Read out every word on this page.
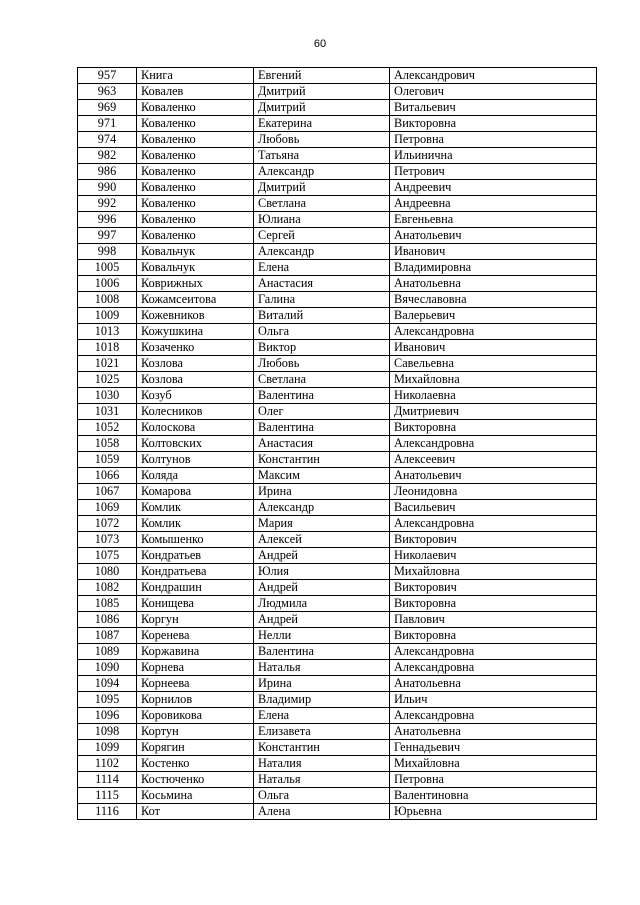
60
957	Книга	Евгений	Александрович
963	Ковалев	Дмитрий	Олегович
969	Коваленко	Дмитрий	Витальевич
971	Коваленко	Екатерина	Викторовна
974	Коваленко	Любовь	Петровна
982	Коваленко	Татьяна	Ильинична
986	Коваленко	Александр	Петрович
990	Коваленко	Дмитрий	Андреевич
992	Коваленко	Светлана	Андреевна
996	Коваленко	Юлиана	Евгеньевна
997	Коваленко	Сергей	Анатольевич
998	Ковальчук	Александр	Иванович
1005	Ковальчук	Елена	Владимировна
1006	Коврижных	Анастасия	Анатольевна
1008	Кожамсеитова	Галина	Вячеславовна
1009	Кожевников	Виталий	Валерьевич
1013	Кожушкина	Ольга	Александровна
1018	Козаченко	Виктор	Иванович
1021	Козлова	Любовь	Савельевна
1025	Козлова	Светлана	Михайловна
1030	Козуб	Валентина	Николаевна
1031	Колесников	Олег	Дмитриевич
1052	Колоскова	Валентина	Викторовна
1058	Колтовских	Анастасия	Александровна
1059	Колтунов	Константин	Алексеевич
1066	Коляда	Максим	Анатольевич
1067	Комарова	Ирина	Леонидовна
1069	Комлик	Александр	Васильевич
1072	Комлик	Мария	Александровна
1073	Комышенко	Алексей	Викторович
1075	Кондратьев	Андрей	Николаевич
1080	Кондратьева	Юлия	Михайловна
1082	Кондрашин	Андрей	Викторович
1085	Конищева	Людмила	Викторовна
1086	Коргун	Андрей	Павлович
1087	Коренева	Нелли	Викторовна
1089	Коржавина	Валентина	Александровна
1090	Корнева	Наталья	Александровна
1094	Корнеева	Ирина	Анатольевна
1095	Корнилов	Владимир	Ильич
1096	Коровикова	Елена	Александровна
1098	Кортун	Елизавета	Анатольевна
1099	Корягин	Константин	Геннадьевич
1102	Костенко	Наталия	Михайловна
1114	Костюченко	Наталья	Петровна
1115	Косьмина	Ольга	Валентиновна
1116	Кот	Алена	Юрьевна
